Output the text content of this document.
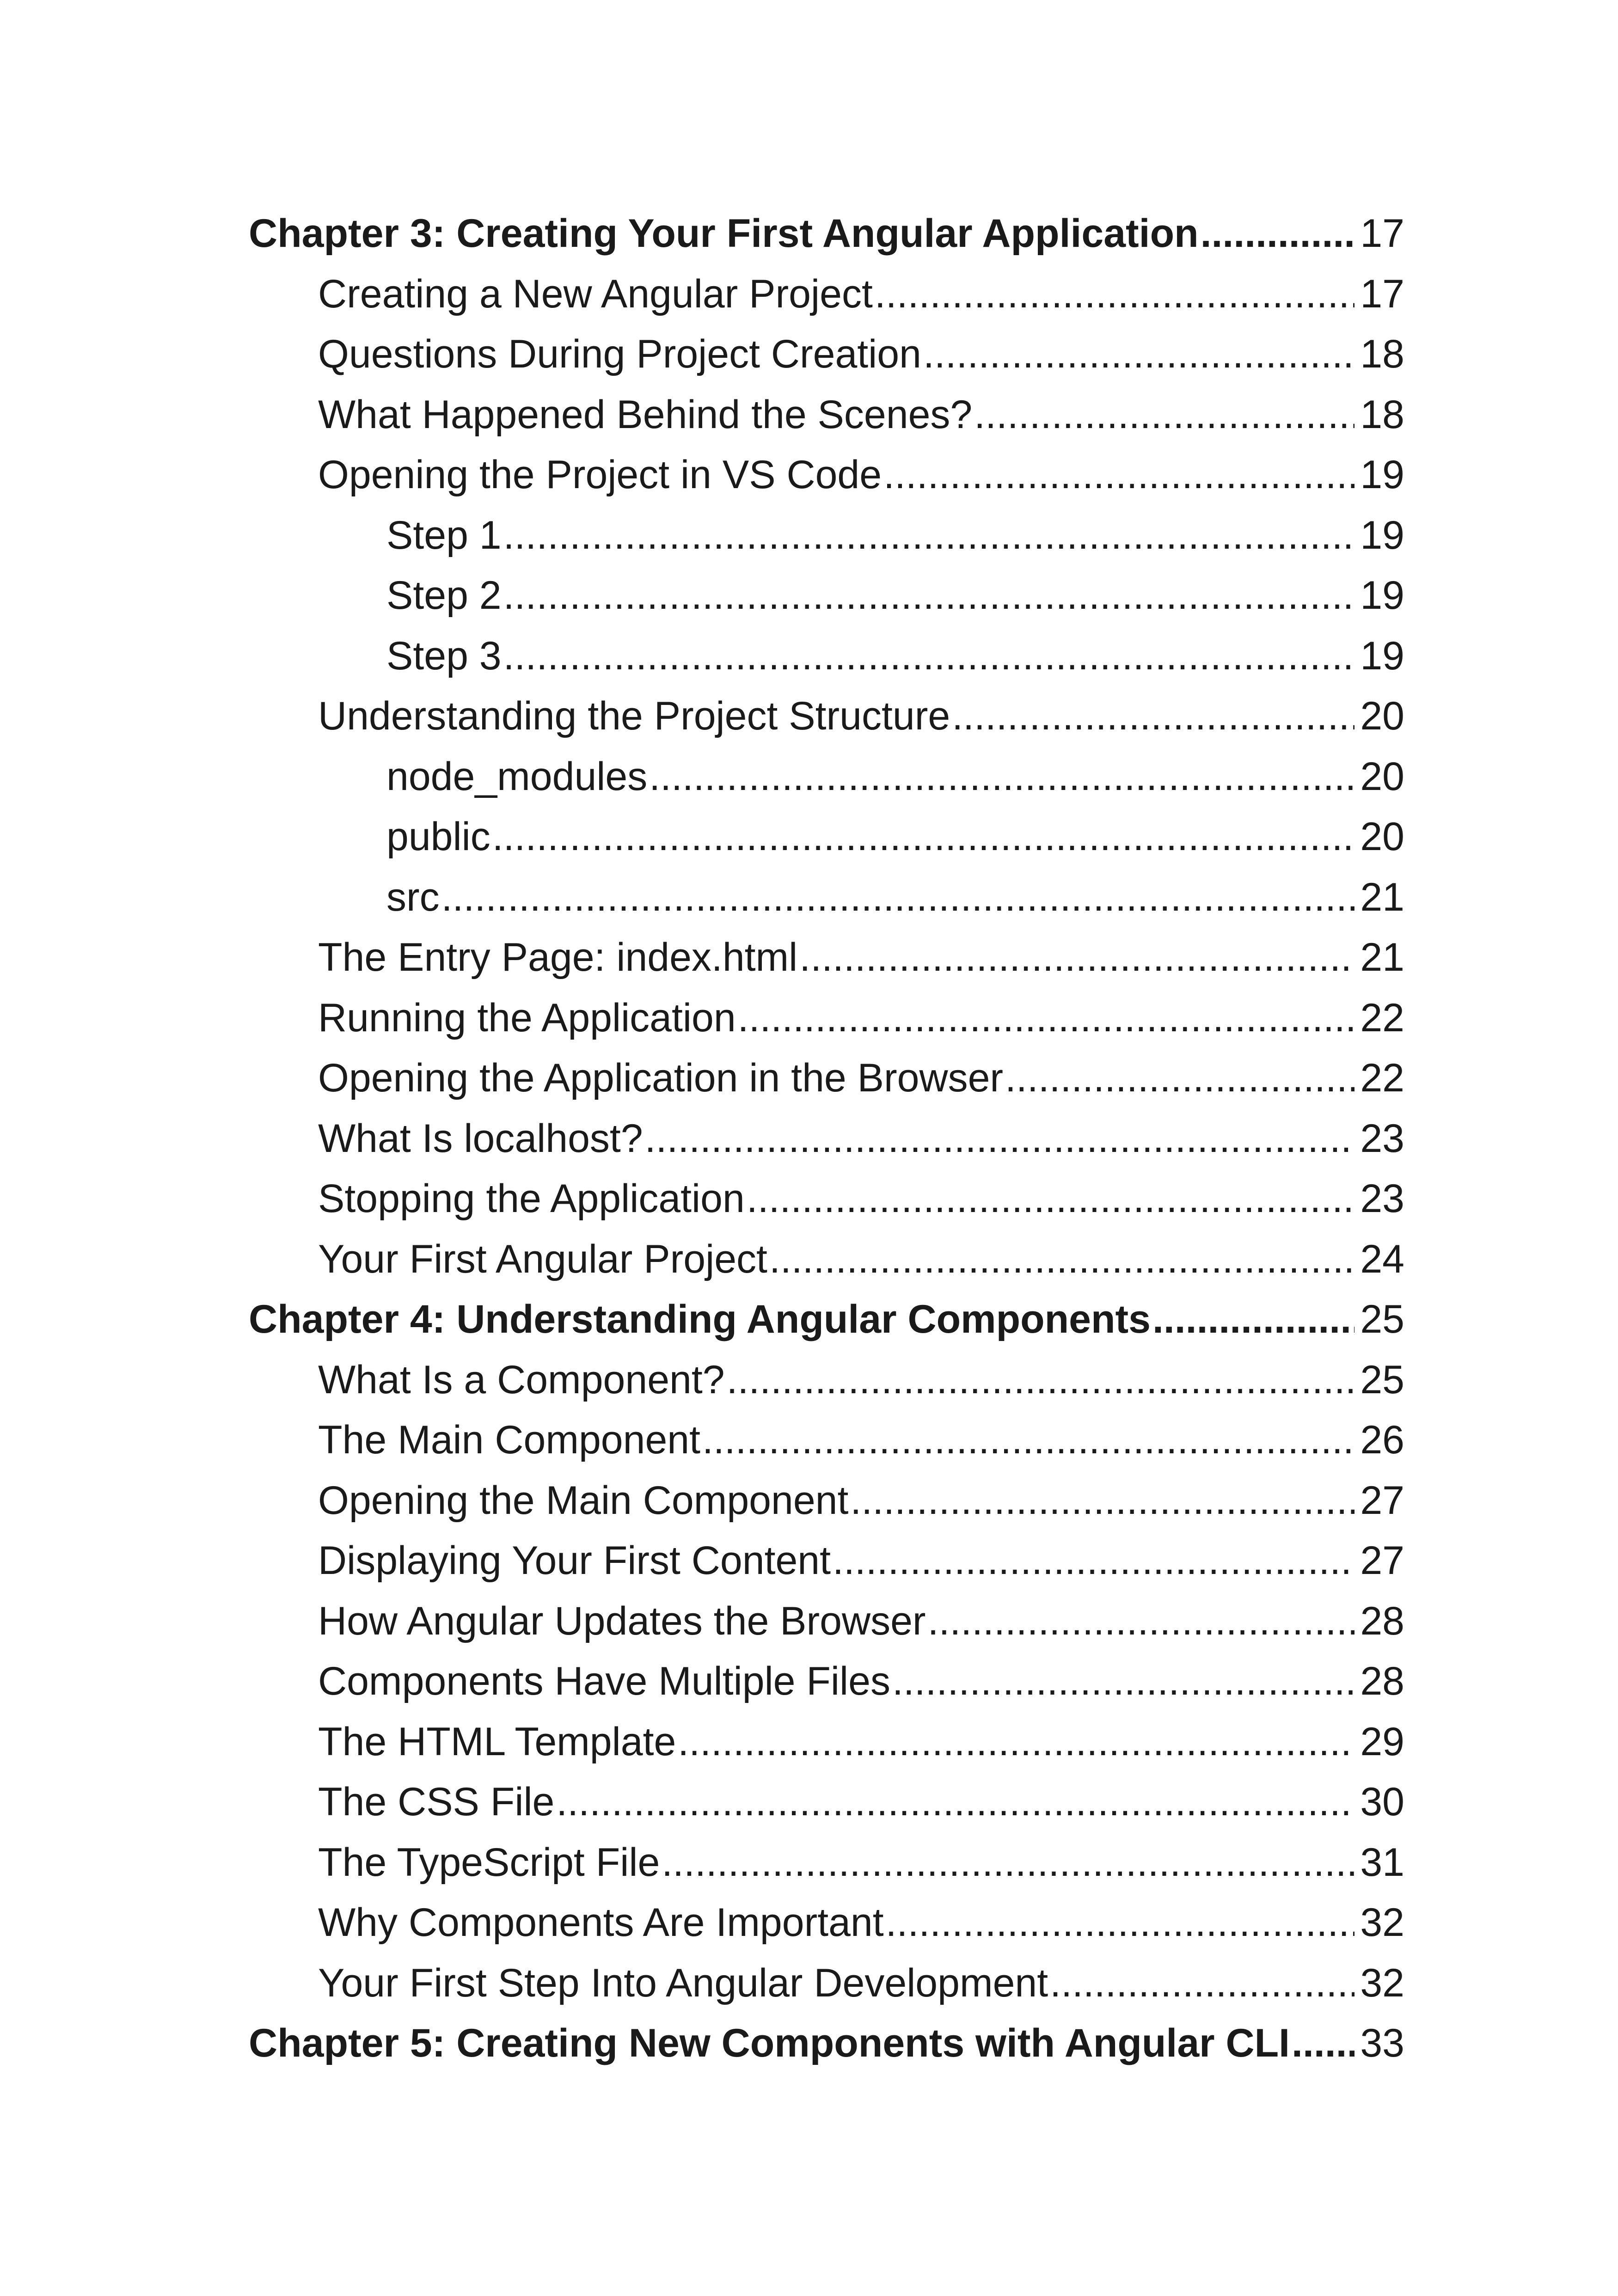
Chapter 3: Creating Your First Angular Application .....	17
Creating a New Angular Project .....	17
Questions During Project Creation .....	18
What Happened Behind the Scenes? .....	18
Opening the Project in VS Code .....	19
Step 1 .....	19
Step 2 .....	19
Step 3 .....	19
Understanding the Project Structure .....	20
node_modules .....	20
public .....	20
src .....	21
The Entry Page: index.html .....	21
Running the Application .....	22
Opening the Application in the Browser .....	22
What Is localhost? .....	23
Stopping the Application .....	23
Your First Angular Project .....	24
Chapter 4: Understanding Angular Components .....	25
What Is a Component? .....	25
The Main Component .....	26
Opening the Main Component .....	27
Displaying Your First Content .....	27
How Angular Updates the Browser .....	28
Components Have Multiple Files .....	28
The HTML Template .....	29
The CSS File .....	30
The TypeScript File .....	31
Why Components Are Important .....	32
Your First Step Into Angular Development .....	32
Chapter 5: Creating New Components with Angular CLI ..... 33
